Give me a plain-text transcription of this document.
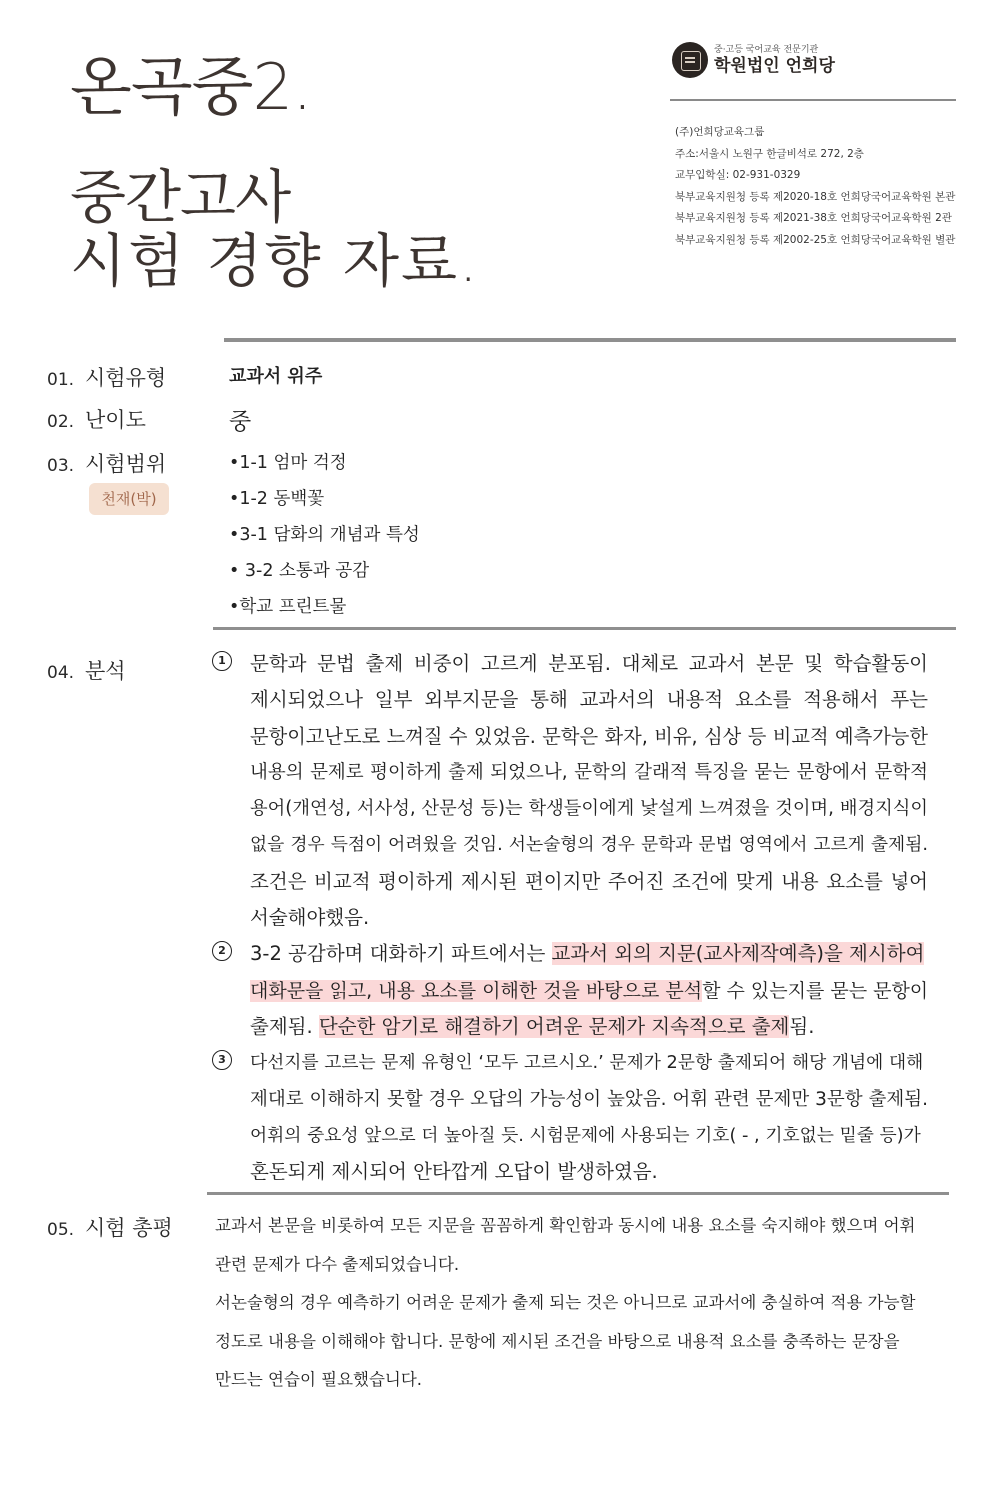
온곡중2.
중간고사
시험 경향 자료.
중·고등 국어교육 전문기관
학원법인 언희당
(주)언희당교육그룹
주소:서울시 노원구 한글비석로 272, 2층
교무입학실: 02-931-0329
북부교육지원청 등록 제2020-18호 언희당국어교육학원 본관
북부교육지원청 등록 제2021-38호 언희당국어교육학원 2관
북부교육지원청 등록 제2002-25호 언희당국어교육학원 별관
01. 시험유형	교과서 위주
02. 난이도	중
03. 시험범위
천재(박)
•1-1 엄마 걱정
•1-2 동백꽃
•3-1 담화의 개념과 특성
• 3-2 소통과 공감
•학교 프린트물
04. 분석	1	문학과 문법 출제 비중이 고르게 분포됨. 대체로 교과서 본문 및 학습활동이
제시되었으나 일부 외부지문을 통해 교과서의 내용적 요소를 적용해서 푸는
문항이고난도로 느껴질 수 있었음. 문학은 화자, 비유, 심상 등 비교적 예측가능한
내용의 문제로 평이하게 출제 되었으나, 문학의 갈래적 특징을 묻는 문항에서 문학적
용어(개연성, 서사성, 산문성 등)는 학생들이에게 낯설게 느껴졌을 것이며, 배경지식이
없을 경우 득점이 어려웠을 것임. 서논술형의 경우 문학과 문법 영역에서 고르게 출제됨.
조건은 비교적 평이하게 제시된 편이지만 주어진 조건에 맞게 내용 요소를 넣어
서술해야했음.
2	3-2 공감하며 대화하기 파트에서는 교과서 외의 지문(교사제작예측)을 제시하여
대화문을 읽고, 내용 요소를 이해한 것을 바탕으로 분석할 수 있는지를 묻는 문항이
출제됨. 단순한 암기로 해결하기 어려운 문제가 지속적으로 출제됨.
3	다선지를 고르는 문제 유형인 ‘모두 고르시오.’ 문제가 2문항 출제되어 해당 개념에 대해
제대로 이해하지 못할 경우 오답의 가능성이 높았음. 어휘 관련 문제만 3문항 출제됨.
어휘의 중요성 앞으로 더 높아질 듯. 시험문제에 사용되는 기호( - , 기호없는 밑줄 등)가
혼돈되게 제시되어 안타깝게 오답이 발생하였음.
05. 시험 총평	교과서 본문을 비롯하여 모든 지문을 꼼꼼하게 확인함과 동시에 내용 요소를 숙지해야 했으며 어휘
관련 문제가 다수 출제되었습니다.
서논술형의 경우 예측하기 어려운 문제가 출제 되는 것은 아니므로 교과서에 충실하여 적용 가능할
정도로 내용을 이해해야 합니다. 문항에 제시된 조건을 바탕으로 내용적 요소를 충족하는 문장을
만드는 연습이 필요했습니다.
